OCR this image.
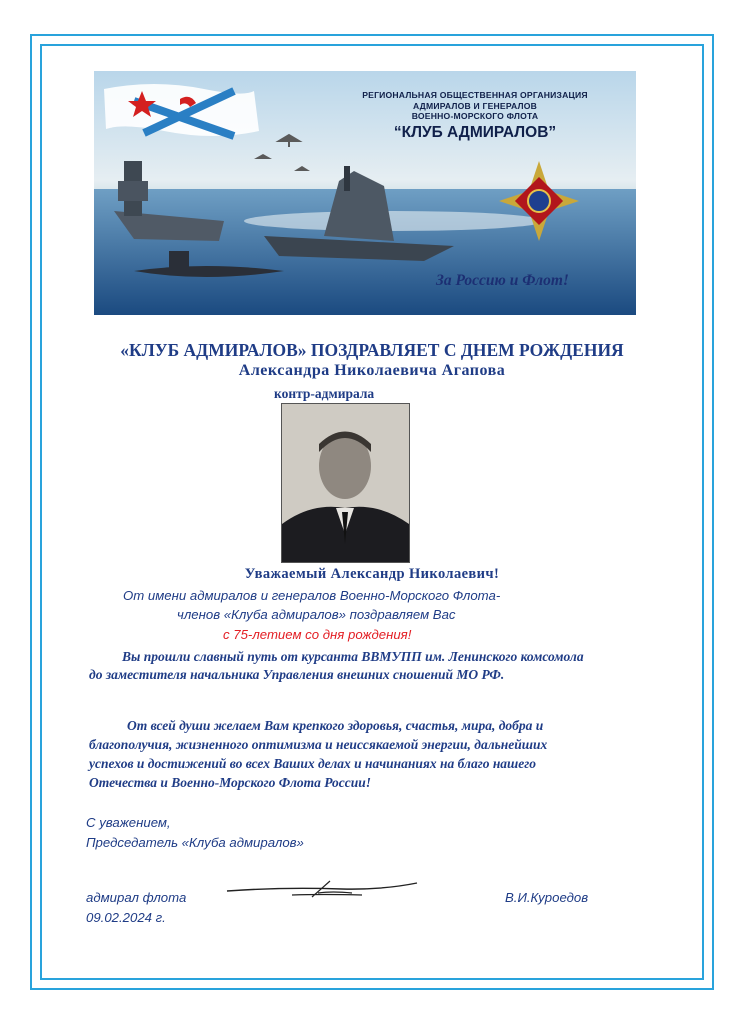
РЕГИОНАЛЬНАЯ ОБЩЕСТВЕННАЯ ОРГАНИЗАЦИЯ
АДМИРАЛОВ И ГЕНЕРАЛОВ
ВОЕННО-МОРСКОГО ФЛОТА
“КЛУБ АДМИРАЛОВ”
За Россию и Флот!
«КЛУБ АДМИРАЛОВ» ПОЗДРАВЛЯЕТ С ДНЕМ РОЖДЕНИЯ
Александра Николаевича Агапова
контр-адмирала
Уважаемый Александр Николаевич!
От имени адмиралов и генералов Военно-Морского Флота-
членов «Клуба адмиралов» поздравляем Вас
с 75-летием со дня рождения!
Вы прошли славный путь от курсанта ВВМУПП им. Ленинского комсомола
до заместителя начальника Управления внешних сношений МО РФ.
От всей души желаем Вам крепкого здоровья, счастья, мира, добра и
благополучия, жизненного оптимизма и неиссякаемой энергии, дальнейших
успехов и достижений во всех Ваших делах и начинаниях на благо нашего
Отечества и Военно-Морского Флота России!
С уважением,
Председатель «Клуба адмиралов»
адмирал флота
09.02.2024 г.
В.И.Куроедов
